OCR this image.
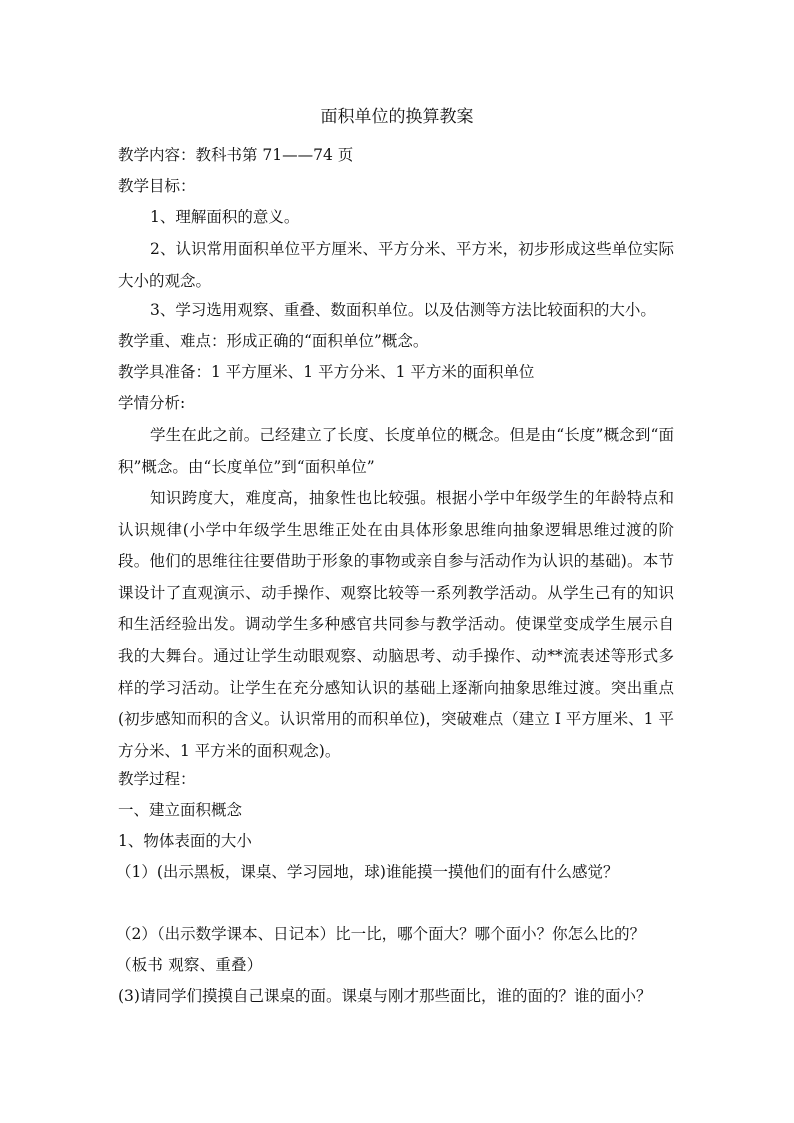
面积单位的换算教案
教学内容：教科书第 71——74 页
教学目标：
1、理解面积的意义。
2、认识常用面积单位平方厘米、平方分米、平方米，初步形成这些单位实际大小的观念。
3、学习选用观察、重叠、数面积单位。以及估测等方法比较面积的大小。
教学重、难点：形成正确的“面积单位”概念。
教学具准备：1 平方厘米、1 平方分米、1 平方米的面积单位
学情分析:
学生在此之前。己经建立了长度、长度单位的概念。但是由“长度”概念到“面积”概念。由“长度单位”到“面积单位”
知识跨度大，难度高，抽象性也比较强。根据小学中年级学生的年龄特点和认识规律(小学中年级学生思维正处在由具体形象思维向抽象逻辑思维过渡的阶段。他们的思维往往要借助于形象的事物或亲自参与活动作为认识的基础)。本节课设计了直观演示、动手操作、观察比较等一系列教学活动。从学生己有的知识和生活经验出发。调动学生多种感官共同参与教学活动。使课堂变成学生展示自我的大舞台。通过让学生动眼观察、动脑思考、动手操作、动**流表述等形式多样的学习活动。让学生在充分感知认识的基础上逐渐向抽象思维过渡。突出重点 (初步感知而积的含义。认识常用的而积单位)，突破难点（建立 I 平方厘米、1 平方分米、1 平方米的面积观念)。
教学过程：
一、建立面积概念
1、物体表面的大小
（1）(出示黑板，课桌、学习园地，球)谁能摸一摸他们的面有什么感觉？
（2）（出示数学课本、日记本）比一比，哪个面大？哪个面小？你怎么比的？
（板书 观察、重叠）
(3)请同学们摸摸自己课桌的面。课桌与刚才那些面比，谁的面的？谁的面小？
